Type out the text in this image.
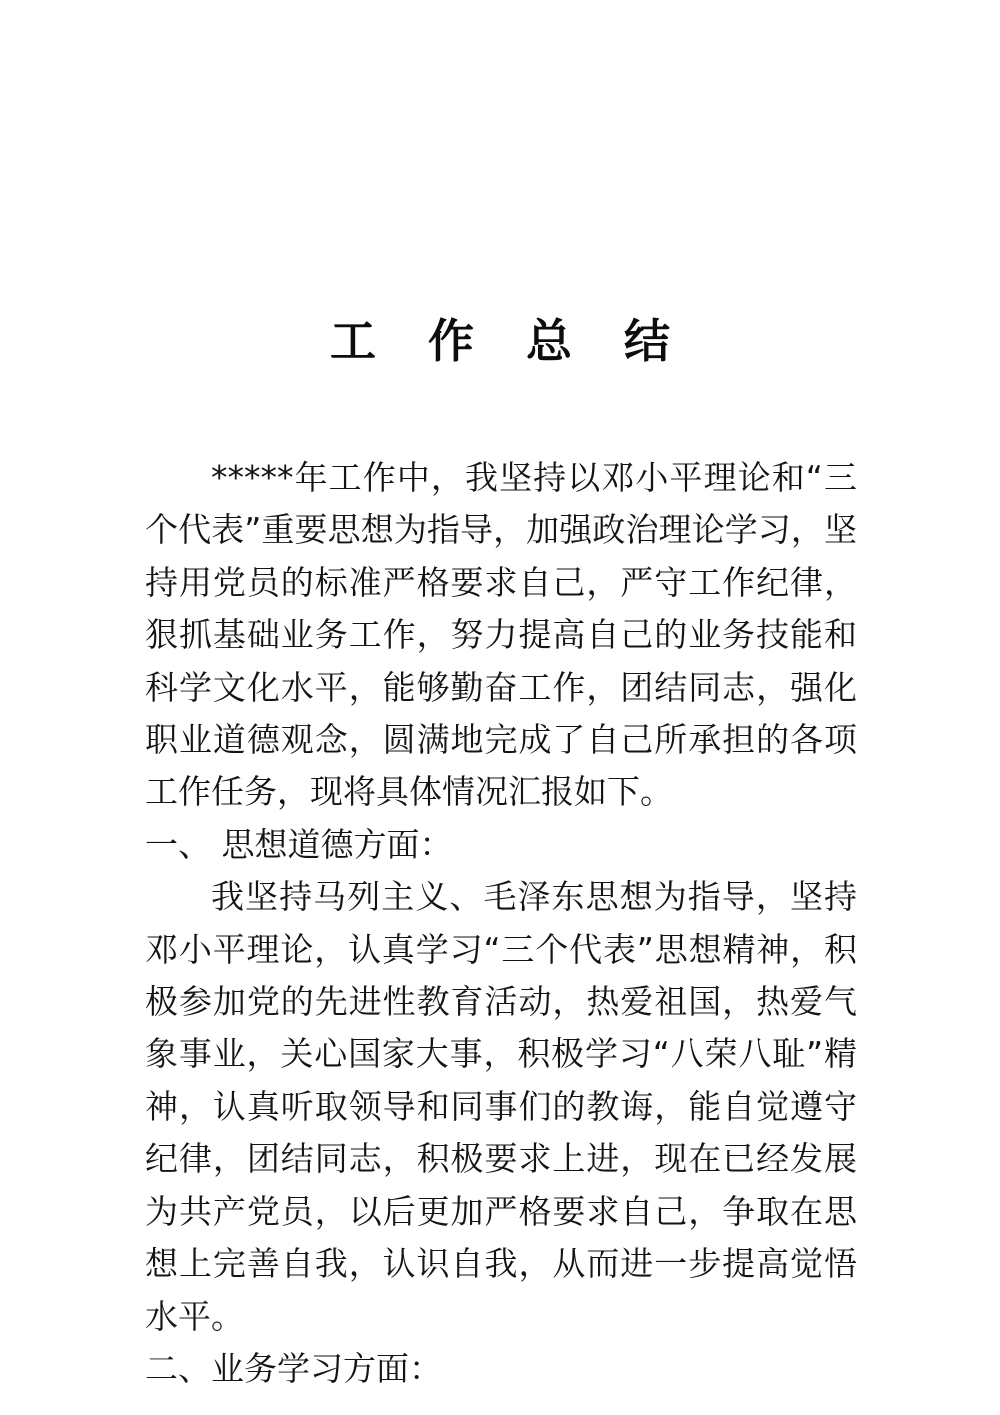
工 作 总 结

*****年工作中，我坚持以邓小平理论和“三个代表”重要思想为指导，加强政治理论学习，坚持用党员的标准严格要求自己，严守工作纪律，狠抓基础业务工作，努力提高自己的业务技能和科学文化水平，能够勤奋工作，团结同志，强化职业道德观念，圆满地完成了自己所承担的各项工作任务，现将具体情况汇报如下。

一、 思想道德方面：

我坚持马列主义、毛泽东思想为指导，坚持邓小平理论，认真学习“三个代表”思想精神，积极参加党的先进性教育活动，热爱祖国，热爱气象事业，关心国家大事，积极学习“八荣八耻”精神，认真听取领导和同事们的教诲，能自觉遵守纪律，团结同志，积极要求上进，现在已经发展为共产党员，以后更加严格要求自己，争取在思想上完善自我，认识自我，从而进一步提高觉悟水平。

二、业务学习方面：
